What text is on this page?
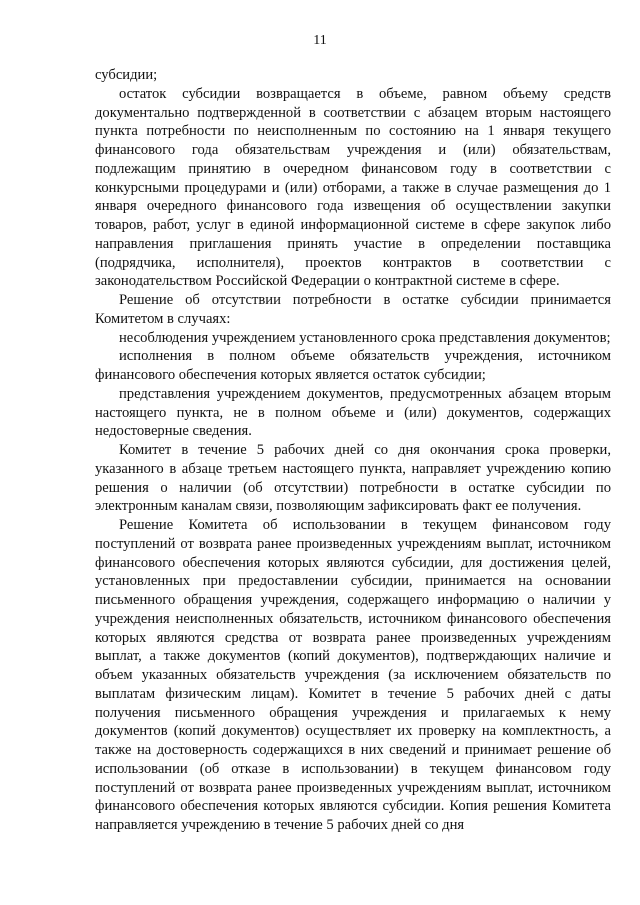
11

субсидии;

остаток субсидии возвращается в объеме, равном объему средств документально подтвержденной в соответствии с абзацем вторым настоящего пункта потребности по неисполненным по состоянию на 1 января текущего финансового года обязательствам учреждения и (или) обязательствам, подлежащим принятию в очередном финансовом году в соответствии с конкурсными процедурами и (или) отборами, а также в случае размещения до 1 января очередного финансового года извещения об осуществлении закупки товаров, работ, услуг в единой информационной системе в сфере закупок либо направления приглашения принять участие в определении поставщика (подрядчика, исполнителя), проектов контрактов в соответствии с законодательством Российской Федерации о контрактной системе в сфере.

Решение об отсутствии потребности в остатке субсидии принимается Комитетом в случаях:

несоблюдения учреждением установленного срока представления документов;

исполнения в полном объеме обязательств учреждения, источником финансового обеспечения которых является остаток субсидии;

представления учреждением документов, предусмотренных абзацем вторым настоящего пункта, не в полном объеме и (или) документов, содержащих недостоверные сведения.

Комитет в течение 5 рабочих дней со дня окончания срока проверки, указанного в абзаце третьем настоящего пункта, направляет учреждению копию решения о наличии (об отсутствии) потребности в остатке субсидии по электронным каналам связи, позволяющим зафиксировать факт ее получения.

Решение Комитета об использовании в текущем финансовом году поступлений от возврата ранее произведенных учреждениям выплат, источником финансового обеспечения которых являются субсидии, для достижения целей, установленных при предоставлении субсидии, принимается на основании письменного обращения учреждения, содержащего информацию о наличии у учреждения неисполненных обязательств, источником финансового обеспечения которых являются средства от возврата ранее произведенных учреждениям выплат, а также документов (копий документов), подтверждающих наличие и объем указанных обязательств учреждения (за исключением обязательств по выплатам физическим лицам). Комитет в течение 5 рабочих дней с даты получения письменного обращения учреждения и прилагаемых к нему документов (копий документов) осуществляет их проверку на комплектность, а также на достоверность содержащихся в них сведений и принимает решение об использовании (об отказе в использовании) в текущем финансовом году поступлений от возврата ранее произведенных учреждениям выплат, источником финансового обеспечения которых являются субсидии. Копия решения Комитета направляется учреждению в течение 5 рабочих дней со дня
